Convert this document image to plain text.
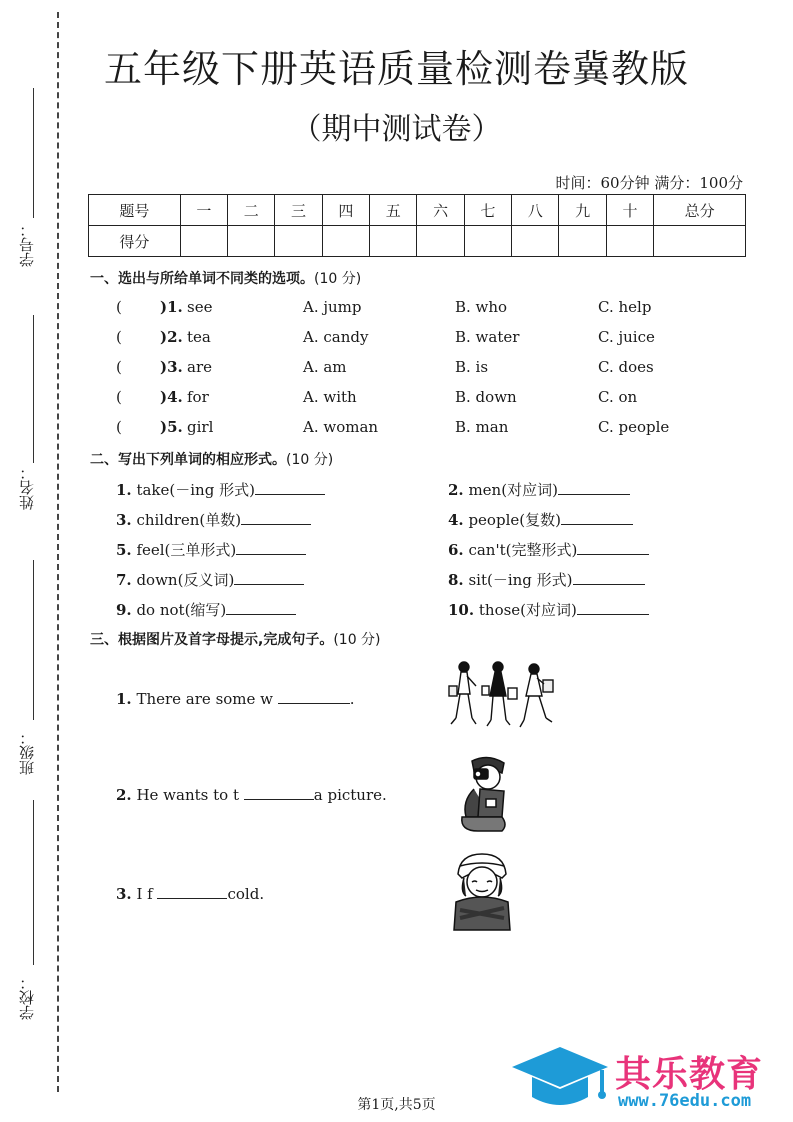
学号：
姓名：
班级：
学校：
五年级下册英语质量检测卷冀教版
（期中测试卷）
时间：60分钟 满分：100分
题号	一	二	三	四	五	六	七	八	九	十	总分
得分											
一、选出与所给单词不同类的选项。(10 分)
(	)1. see	A. jump	B. who	C. help
(	)2. tea	A. candy	B. water	C. juice
(	)3. are	A. am	B. is	C. does
(	)4. for	A. with	B. down	C. on
(	)5. girl	A. woman	B. man	C. people
二、写出下列单词的相应形式。(10 分)
1. take(－ing 形式)	2. men(对应词)
3. children(单数)	4. people(复数)
5. feel(三单形式)	6. can't(完整形式)
7. down(反义词)	8. sit(－ing 形式)
9. do not(缩写)	10. those(对应词)
三、根据图片及首字母提示,完成句子。(10 分)
1. There are some w	.
2. He wants to t	a picture.
3. I f	cold.
第1页,共5页
其乐教育
www.76edu.com
